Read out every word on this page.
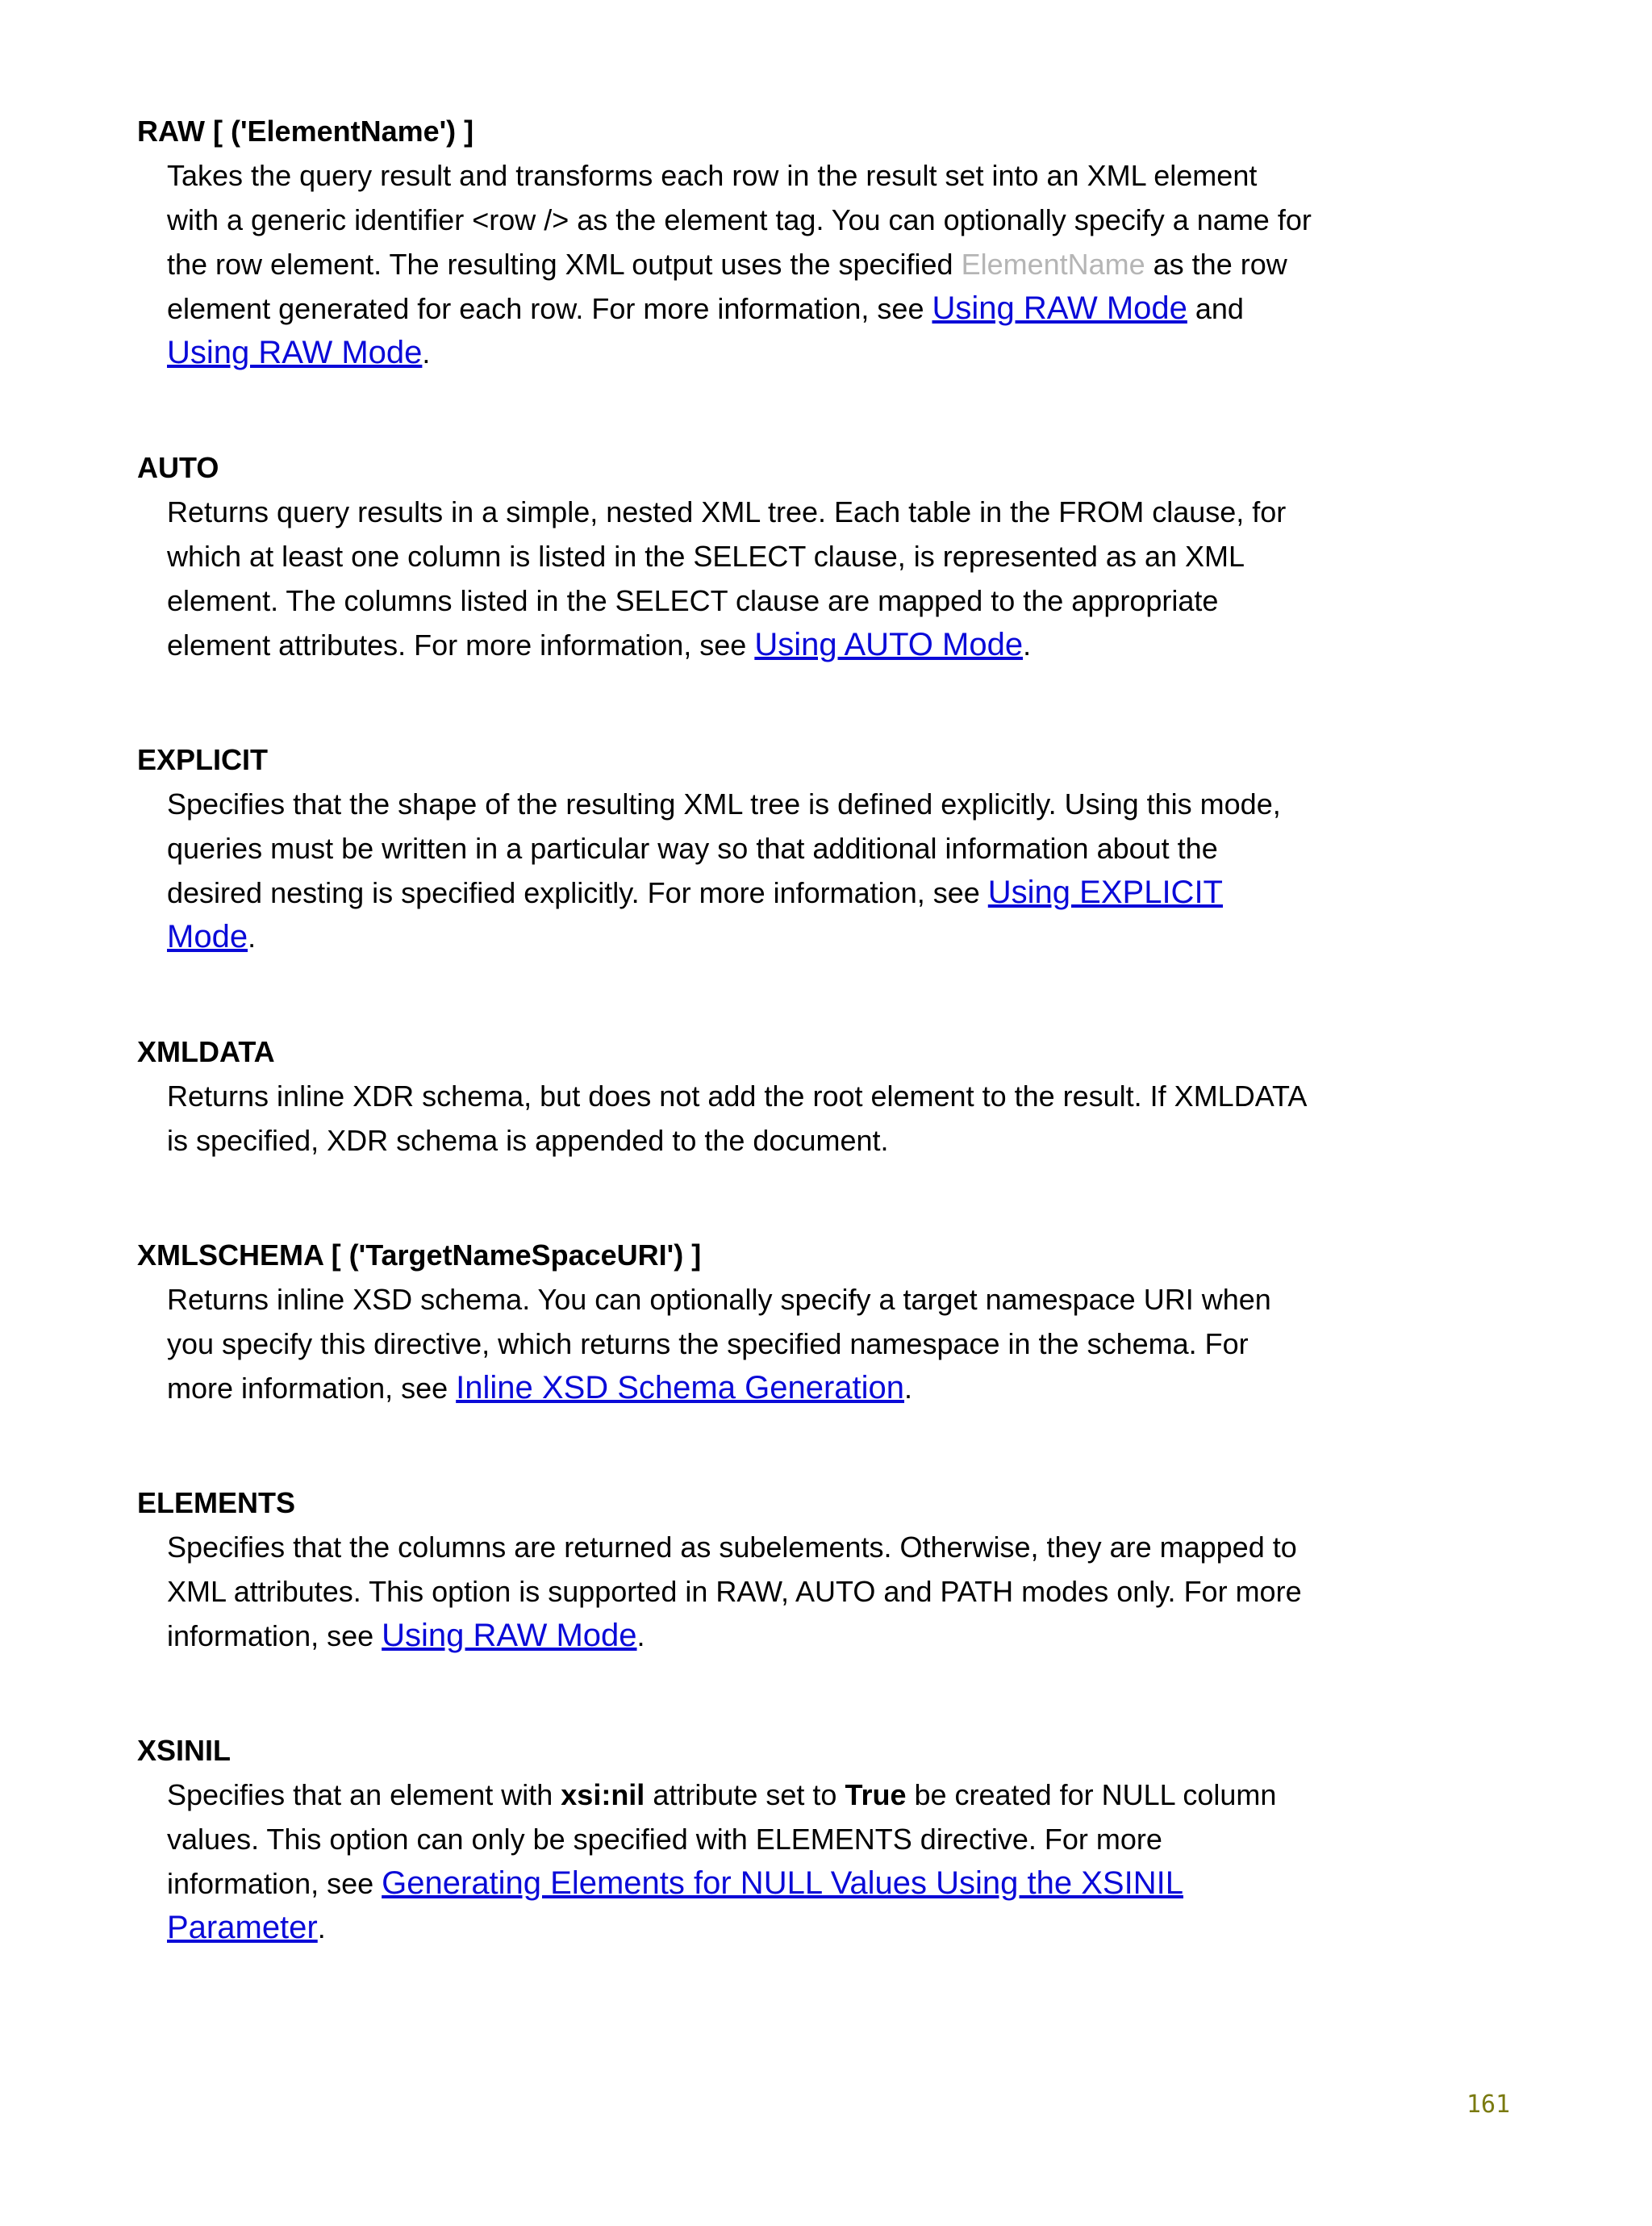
RAW [ ('ElementName') ]

Takes the query result and transforms each row in the result set into an XML element with a generic identifier <row /> as the element tag. You can optionally specify a name for the row element. The resulting XML output uses the specified ElementName as the row element generated for each row. For more information, see Using RAW Mode and Using RAW Mode.

AUTO

Returns query results in a simple, nested XML tree. Each table in the FROM clause, for which at least one column is listed in the SELECT clause, is represented as an XML element. The columns listed in the SELECT clause are mapped to the appropriate element attributes. For more information, see Using AUTO Mode.

EXPLICIT

Specifies that the shape of the resulting XML tree is defined explicitly. Using this mode, queries must be written in a particular way so that additional information about the desired nesting is specified explicitly. For more information, see Using EXPLICIT Mode.

XMLDATA

Returns inline XDR schema, but does not add the root element to the result. If XMLDATA is specified, XDR schema is appended to the document.

XMLSCHEMA [ ('TargetNameSpaceURI') ]

Returns inline XSD schema. You can optionally specify a target namespace URI when you specify this directive, which returns the specified namespace in the schema. For more information, see Inline XSD Schema Generation.

ELEMENTS

Specifies that the columns are returned as subelements. Otherwise, they are mapped to XML attributes. This option is supported in RAW, AUTO and PATH modes only. For more information, see Using RAW Mode.

XSINIL

Specifies that an element with xsi:nil attribute set to True be created for NULL column values. This option can only be specified with ELEMENTS directive. For more information, see Generating Elements for NULL Values Using the XSINIL Parameter.

161
